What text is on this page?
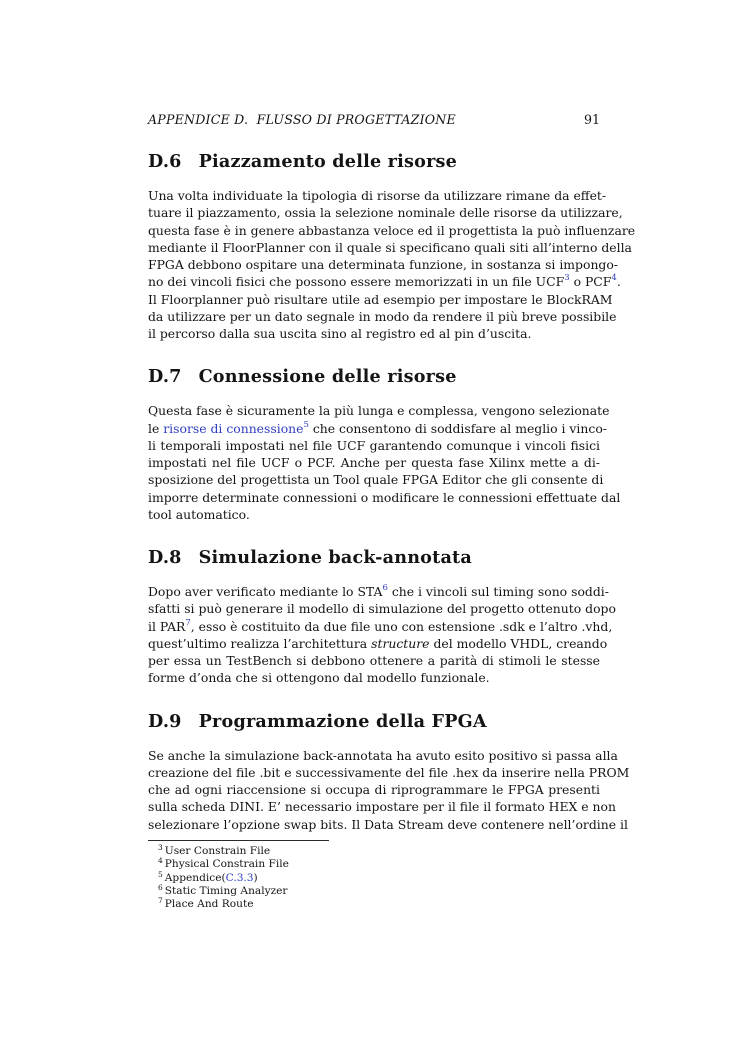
APPENDICE D.  FLUSSO DI PROGETTAZIONE	91
D.6 Piazzamento delle risorse
Una volta individuate la tipologia di risorse da utilizzare rimane da effet-
tuare il piazzamento, ossia la selezione nominale delle risorse da utilizzare,
questa fase è in genere abbastanza veloce ed il progettista la può influenzare
mediante il FloorPlanner con il quale si specificano quali siti all’interno della
FPGA debbono ospitare una determinata funzione, in sostanza si impongo-
no dei vincoli fisici che possono essere memorizzati in un file UCF$^3$ o PCF$^4$.
Il Floorplanner può risultare utile ad esempio per impostare le BlockRAM
da utilizzare per un dato segnale in modo da rendere il più breve possibile
il percorso dalla sua uscita sino al registro ed al pin d’uscita.
D.7 Connessione delle risorse
Questa fase è sicuramente la più lunga e complessa, vengono selezionate
le risorse di connessione$^5$ che consentono di soddisfare al meglio i vinco-
li temporali impostati nel file UCF garantendo comunque i vincoli fisici
impostati nel file UCF o PCF. Anche per questa fase Xilinx mette a di-
sposizione del progettista un Tool quale FPGA Editor che gli consente di
imporre determinate connessioni o modificare le connessioni effettuate dal
tool automatico.
D.8 Simulazione back-annotata
Dopo aver verificato mediante lo STA$^6$ che i vincoli sul timing sono soddi-
sfatti si può generare il modello di simulazione del progetto ottenuto dopo
il PAR$^7$, esso è costituito da due file uno con estensione .sdk e l’altro .vhd,
quest’ultimo realizza l’architettura structure del modello VHDL, creando
per essa un TestBench si debbono ottenere a parità di stimoli le stesse
forme d’onda che si ottengono dal modello funzionale.
D.9 Programmazione della FPGA
Se anche la simulazione back-annotata ha avuto esito positivo si passa alla
creazione del file .bit e successivamente del file .hex da inserire nella PROM
che ad ogni riaccensione si occupa di riprogrammare le FPGA presenti
sulla scheda DINI. E’ necessario impostare per il file il formato HEX e non
selezionare l’opzione swap bits. Il Data Stream deve contenere nell’ordine il
$^3$ User Constrain File
$^4$ Physical Constrain File
$^5$ Appendice(C.3.3)
$^6$ Static Timing Analyzer
$^7$ Place And Route
